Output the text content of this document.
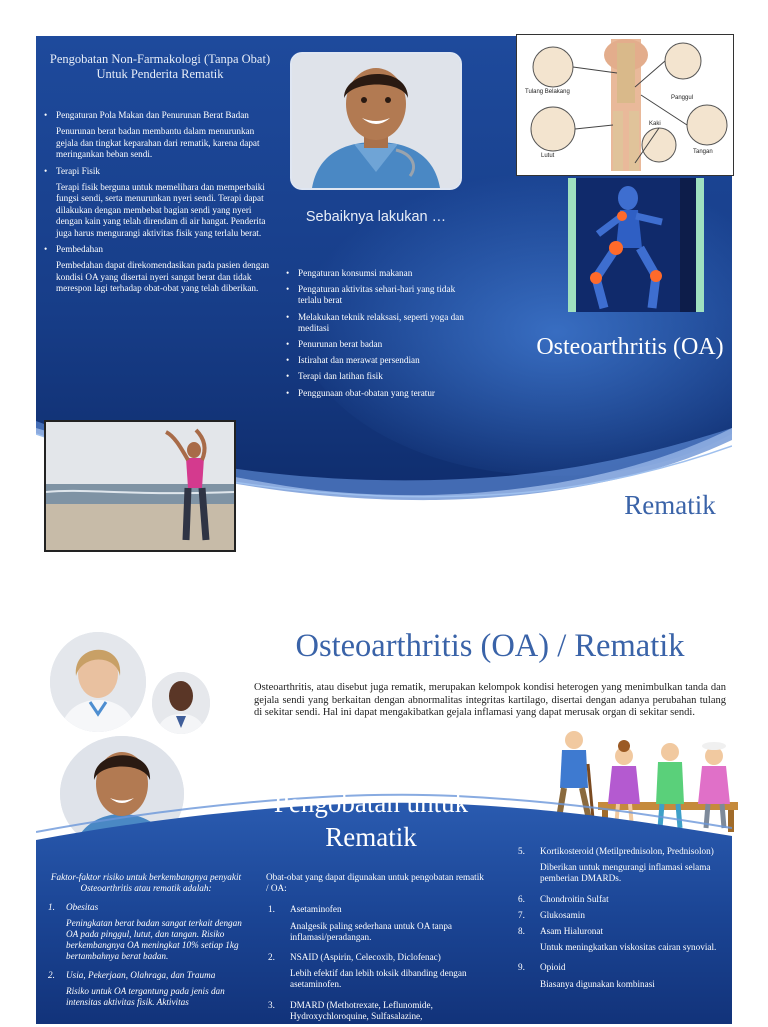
Pengobatan Non-Farmakologi (Tanpa Obat) Untuk Penderita Rematik
• Pengaturan Pola Makan dan Penurunan Berat Badan
Penurunan berat badan membantu dalam menurunkan gejala dan tingkat keparahan dari rematik, karena dapat meringankan beban sendi.
• Terapi Fisik
Terapi fisik berguna untuk memelihara dan memperbaiki fungsi sendi, serta menurunkan nyeri sendi. Terapi dapat dilakukan dengan membebat bagian sendi yang nyeri dengan kain yang telah direndam di air hangat. Penderita juga harus mengurangi aktivitas fisik yang terlalu berat.
• Pembedahan
Pembedahan dapat direkomendasikan pada pasien dengan kondisi OA yang disertai nyeri sangat berat dan tidak merespon lagi terhadap obat-obat yang telah diberikan.
Sebaiknya lakukan …
• Pengaturan konsumsi makanan
• Pengaturan aktivitas sehari-hari yang tidak terlalu berat
• Melakukan teknik relaksasi, seperti yoga dan meditasi
• Penurunan berat badan
• Istirahat dan merawat persendian
• Terapi dan latihan fisik
• Penggunaan obat-obatan yang teratur
Tulang Belakang
Panggul
Kaki
Lutut
Tangan
Osteoarthritis (OA)
Rematik
Osteoarthritis (OA) / Rematik
Osteoarthritis, atau disebut juga rematik, merupakan kelompok kondisi heterogen yang menimbulkan tanda dan gejala sendi yang berkaitan dengan abnormalitas integritas kartilago, disertai dengan adanya perubahan tulang di sekitar sendi. Hal ini dapat mengakibatkan gejala inflamasi yang dapat merusak organ di sekitar sendi.
Pengobatan untuk Rematik
Faktor-faktor risiko untuk berkembangnya penyakit Osteoarthritis atau rematik adalah:
1. Obesitas
Peningkatan berat badan sangat terkait dengan OA pada pinggul, lutut, dan tangan. Risiko berkembangnya OA meningkat 10% setiap 1kg bertambahnya berat badan.
2. Usia, Pekerjaan, Olahraga, dan Trauma
Risiko untuk OA tergantung pada jenis dan intensitas aktivitas fisik. Aktivitas
Obat-obat yang dapat digunakan untuk pengobatan rematik / OA:
1. Asetaminofen
Analgesik paling sederhana untuk OA tanpa inflamasi/peradangan.
2. NSAID (Aspirin, Celecoxib, Diclofenac)
Lebih efektif dan lebih toksik dibanding dengan asetaminofen.
3. DMARD (Methotrexate, Leflunomide, Hydroxychloroquine, Sulfasalazine,
5. Kortikosteroid (Metilprednisolon, Prednisolon)
Diberikan untuk mengurangi inflamasi selama pemberian DMARDs.
6. Chondroitin Sulfat
7. Glukosamin
8. Asam Hialuronat
Untuk meningkatkan viskositas cairan synovial.
9. Opioid
Biasanya digunakan kombinasi
